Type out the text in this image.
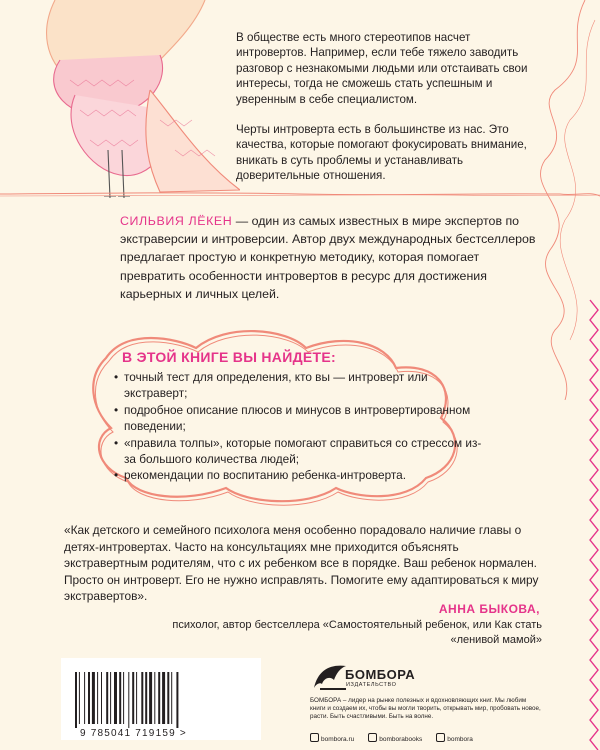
В обществе есть много стереотипов насчет интровертов. Например, если тебе тяжело заводить разговор с незнакомыми людьми или отстаивать свои интересы, тогда не сможешь стать успешным и уверенным в себе специалистом.
Черты интроверта есть в большинстве из нас. Это качества, которые помогают фокусировать внимание, вникать в суть проблемы и устанавливать доверительные отношения.
СИЛЬВИЯ ЛЁКЕН — один из самых известных в мире экспертов по экстраверсии и интроверсии. Автор двух международных бестселлеров предлагает простую и конкретную методику, которая помогает превратить особенности интровертов в ресурс для достижения карьерных и личных целей.
В ЭТОЙ КНИГЕ ВЫ НАЙДЕТЕ:
• точный тест для определения, кто вы — интроверт или экстраверт;
• подробное описание плюсов и минусов в интровертированном поведении;
• «правила толпы», которые помогают справиться со стрессом из-за большого количества людей;
• рекомендации по воспитанию ребенка-интроверта.
«Как детского и семейного психолога меня особенно порадовало наличие главы о детях-интровертах. Часто на консультациях мне приходится объяснять экстравертным родителям, что с их ребенком все в порядке. Ваш ребенок нормален. Просто он интроверт. Его не нужно исправлять. Помогите ему адаптироваться к миру экстравертов».
АННА БЫКОВА,
психолог, автор бестселлера «Самостоятельный ребенок, или Как стать «ленивой мамой»
9 785041 719159 >
БОМБОРА
ИЗДАТЕЛЬСТВО
БОМБОРА – лидер на рынке полезных и вдохновляющих книг. Мы любим книги и создаем их, чтобы вы могли творить, открывать мир, пробовать новое, расти. Быть счастливыми. Быть на волне.
bombora.ru	bomborabooks	bombora
